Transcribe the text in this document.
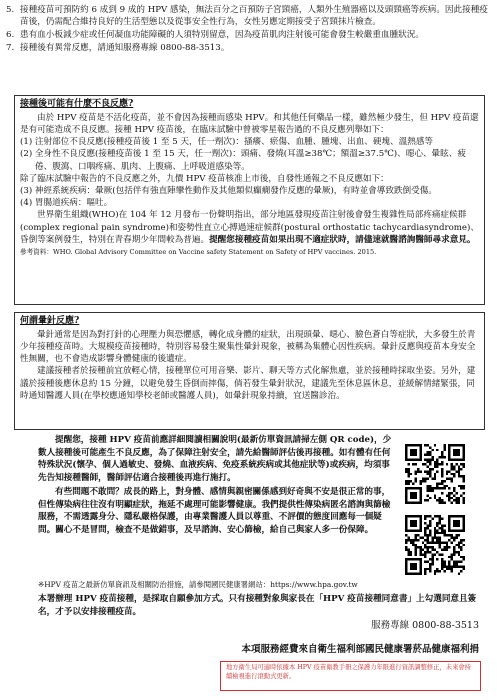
5. 接種疫苗可預防約 6 成到 9 成的 HPV 感染，無法百分之百預防子宮頸癌，人類外生殖器癌以及頭頸癌等疾病。因此接種疫苗後，仍需配合維持良好的生活型態以及從事安全性行為，女性另應定期接受子宮頸抹片檢查。
6. 患有血小板減少症或任何凝血功能障礙的人須特別留意，因為疫苗肌肉注射後可能會發生較嚴重血腫狀況。
7. 接種後有異常反應，請通知服務專線 0800-88-3513。
接種後可能有什麼不良反應?
由於 HPV 疫苗是不活化疫苗，並不會因為接種而感染 HPV。和其他任何藥品一樣，雖然極少發生，但 HPV 疫苗還是有可能造成不良反應。接種 HPV 疫苗後，在臨床試驗中曾被零星報告過的不良反應列舉如下：
(1) 注射部位不良反應(接種疫苗後 1 至 5 天，任一劑次)：搔癢、瘀傷、血腫、腫塊、出血、硬塊、溫熱感等
(2) 全身性不良反應(接種疫苗後 1 至 15 天，任一劑次)：頭痛、發燒(耳溫≥38℃；額溫≥37.5℃)、噁心、暈眩、疲倦、腹瀉、口咽疼痛、肌肉、上腹痛、上呼吸道感染等。
除了臨床試驗中報告的不良反應之外，九價 HPV 疫苗核准上市後，自發性通報之不良反應如下：
(3) 神經系統疾病：暈厥(包括伴有強直陣攣性動作及其他類似癲癇發作反應的暈厥)，有時並會導致跌倒受傷。
(4) 胃腸道疾病：嘔吐。
世界衛生組織(WHO)在 104 年 12 月發布一份聲明指出，部分地區發現疫苗注射後會發生複雜性局部疼痛症候群(complex regional pain syndrome)和姿勢性直立心搏過速症候群(postural orthostatic tachycardiasyndrome)、昏倒等案例發生，特別在青春期少年間較為普遍。提醒您接種疫苗如果出現不適症狀時，請儘速就醫諮詢醫師尋求意見。
參考資料：WHO. Global Advisory Committee on Vaccine safety Statement on Safety of HPV vaccines. 2015.
何謂暈針反應?
暈針通常是因為對打針的心理壓力與恐懼感，轉化成身體的症狀，出現頭暈、噁心、臉色蒼白等症狀，大多發生於青少年接種疫苗時。大規模疫苗接種時，特別容易發生聚集性暈針現象，被稱為集體心因性疾病。暈針反應與疫苗本身安全性無關，也不會造成影響身體健康的後遺症。
建議接種者於接種前宜放輕心情，接種單位可用音樂、影片、聊天等方式化解焦慮，並於接種時採取坐姿。另外，建議於接種後應休息約 15 分鐘，以避免發生昏倒而摔傷，倘若發生暈針狀況，建議先至休息區休息，並緩解情緒緊張，同時通知醫護人員(在學校應通知學校老師或醫護人員)，如暈針現象持續，宜送醫診治。

提醒您，接種 HPV 疫苗前應詳細閱讀相關說明(最新仿單資訊請掃左側 QR code)，少數人接種後可能產生不良反應，為了保障注射安全，請先給醫師評估後再接種。如有體有任何特殊狀況(懷孕、個人過敏史、發燒、血液疾病、免疫系統疾病或其他症狀等)或疾病，均須事先告知接種醫師，醫師評估適合接種後再進行施打。

有些問題不敢問？成長的路上，對身體、感情與親密關係感到好奇與不安是很正常的事，但性傳染病往往沒有明顯症狀，拖延不處理可能影響健康。我們提供性傳染病匿名諮詢與篩檢服務，不需透露身分、隱私嚴格保護，由專業醫護人員以尊重、不評價的態度回應每一個疑問。關心不是冒問，檢查不是做錯事，及早諮詢、安心篩檢，給自己與家人多一份保障。

※HPV 疫苗之最新仿單資訊及相關防治措施，請參閱國民健康署網站：https://www.hpa.gov.tw
本署辦理 HPV 疫苗接種，是採取自願參加方式。只有接種對象與家長在「HPV 疫苗接種同意書」上勾選同意且簽名，才予以安排接種疫苗。
服務專線 0800-88-3513
本項服務經費來自衛生福利部國民健康署菸品健康福利捐
地方衛生局可適時依據本 HPV 疫苗衛教手冊之保護力年限進行資訊調整修正，未來會持續檢視進行滾動式更新。
